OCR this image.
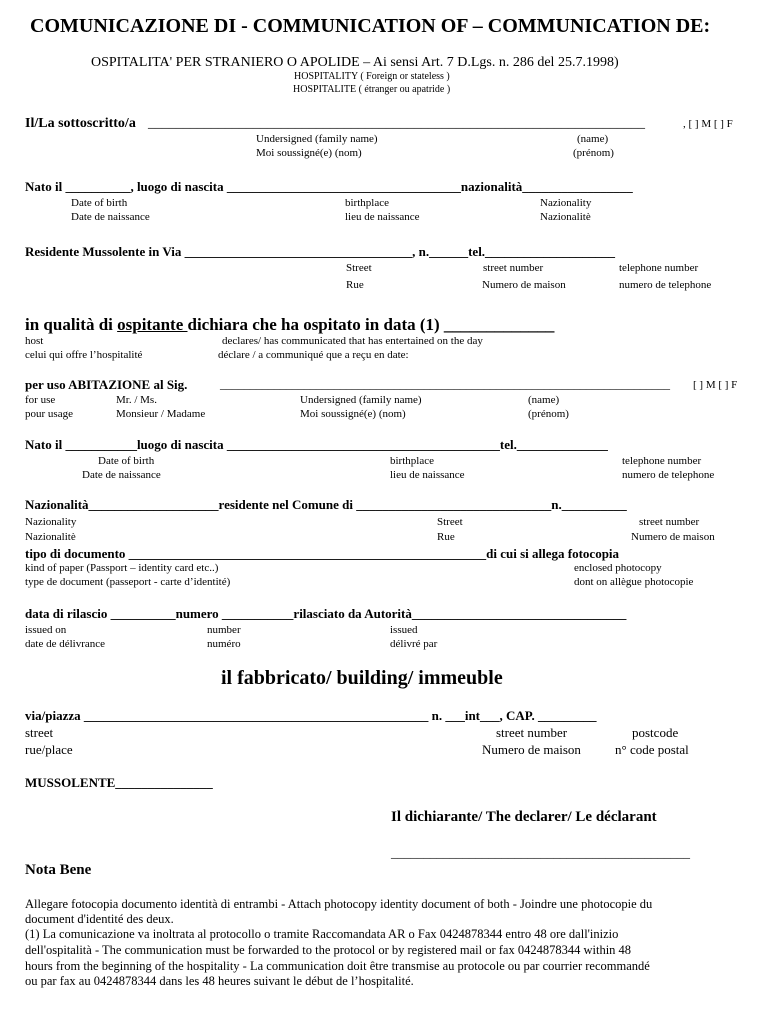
COMUNICAZIONE DI - COMMUNICATION OF – COMMUNICATION DE:
OSPITALITA' PER STRANIERO O APOLIDE – Ai sensi Art. 7 D.Lgs. n. 286 del 25.7.1998)
HOSPITALITY ( Foreign or stateless )
HOSPITALITE ( étranger ou apatride )
Il/La sottoscritto/a _______________________________________________________________________	, [ ] M [ ] F
Undersigned (family name)
Moi soussigné(e) (nom)
(name)
(prénom)
Nato il __________, luogo di nascita ____________________________________nazionalità_________________
Date of birth
Date de naissance
birthplace
lieu de naissance
Nazionality
Nazionalitè
Residente Mussolente in Via ___________________________________, n.______tel.____________________
Street
Rue
street number
Numero de maison
telephone number
numero de telephone
in qualità di ospitante dichiara che ha ospitato in data (1) _____________
host
celui qui offre l’hospitalité
declares/ has communicated that has entertained on the day
déclare / a communiqué que a reçu en date:
per uso ABITAZIONE al Sig.	___________________________________________________________________________ [ ] M [ ] F
for use
pour usage
Mr. / Ms.
Monsieur / Madame
Undersigned (family name)
Moi soussigné(e) (nom)
(name)
(prénom)
Nato il ___________luogo di nascita __________________________________________tel.______________
Date of birth
Date de naissance
birthplace
lieu de naissance
telephone number
numero de telephone
Nazionalità____________________residente nel Comune di ______________________________n.__________
Nazionality
Nazionalitè
Street
Rue
street number
Numero de maison
tipo di documento _______________________________________________________di cui si allega fotocopia
kind of paper (Passport – identity card etc..)
type de document (passeport - carte d’identité)
enclosed photocopy
dont on allègue photocopie
data di rilascio __________numero ___________rilasciato da Autorità_________________________________
issued on
date de délivrance
number
numéro
issued
délivré par
il fabbricato/ building/ immeuble
via/piazza _____________________________________________________ n. ___int___, CAP. _________
street
rue/place
street number
Numero de maison
postcode
n° code postal
MUSSOLENTE_______________
Il dichiarante/ The declarer/ Le déclarant
______________________________________________
Nota Bene
Allegare fotocopia documento identità di entrambi - Attach photocopy identity document of both - Joindre une photocopie du
document d'identité des deux.
(1) La comunicazione va inoltrata al protocollo o tramite Raccomandata AR o Fax 0424878344 entro 48 ore dall'inizio
dell'ospitalità - The communication must be forwarded to the protocol or by registered mail or fax 0424878344 within 48
hours from the beginning of the hospitality - La communication doit être transmise au protocole ou par courrier recommandé
ou par fax au 0424878344 dans les 48 heures suivant le début de l’hospitalité.
